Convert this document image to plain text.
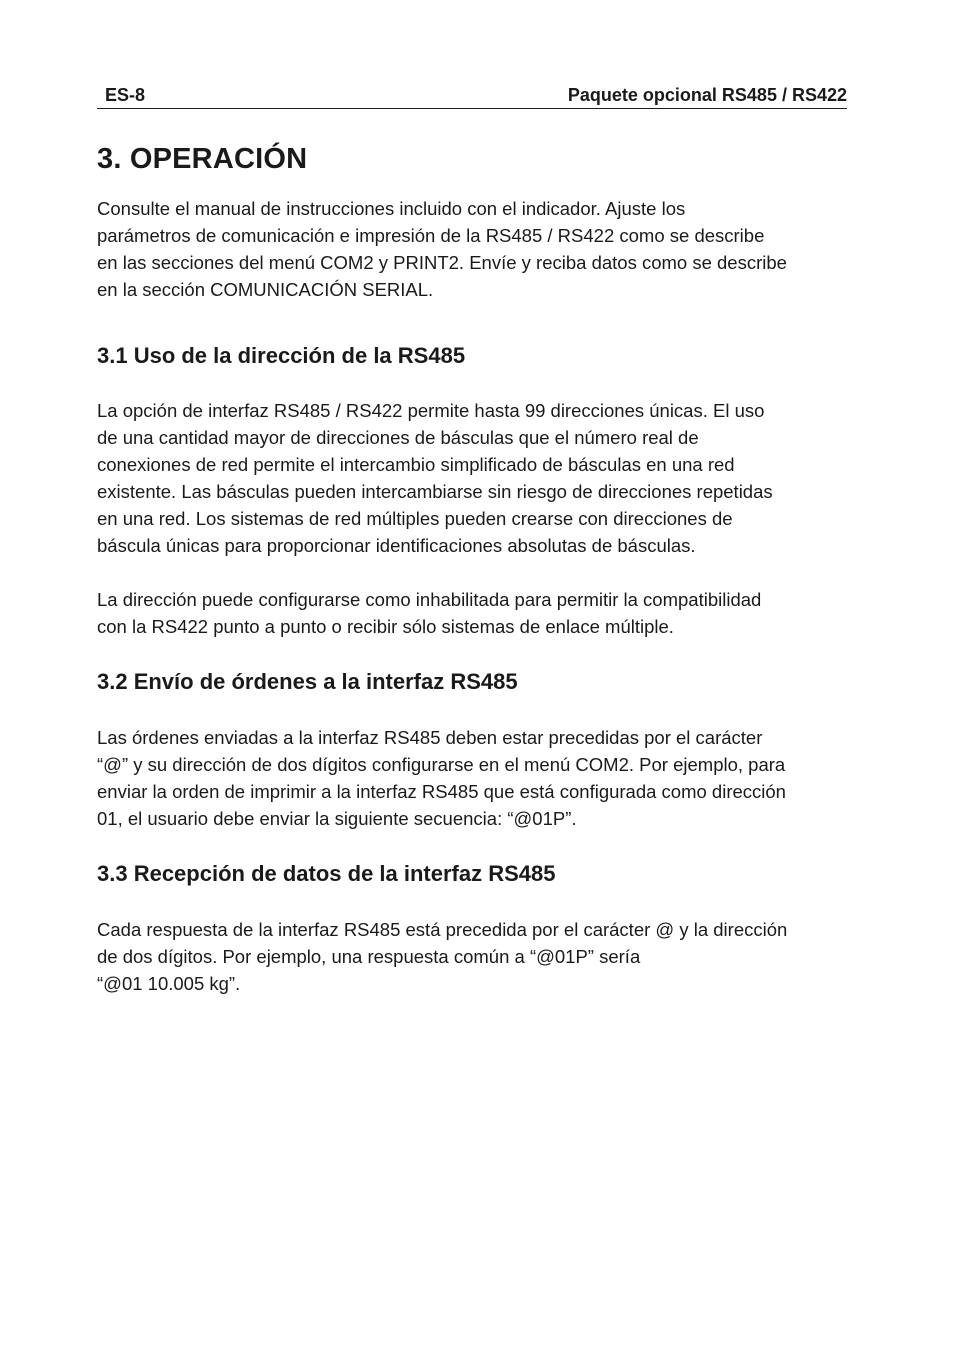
ES-8	Paquete opcional RS485 / RS422
3. OPERACIÓN

Consulte el manual de instrucciones incluido con el indicador. Ajuste los
parámetros de comunicación e impresión de la RS485 / RS422 como se describe
en las secciones del menú COM2 y PRINT2. Envíe y reciba datos como se describe
en la sección COMUNICACIÓN SERIAL.

3.1 Uso de la dirección de la RS485

La opción de interfaz RS485 / RS422 permite hasta 99 direcciones únicas. El uso
de una cantidad mayor de direcciones de básculas que el número real de
conexiones de red permite el intercambio simplificado de básculas en una red
existente. Las básculas pueden intercambiarse sin riesgo de direcciones repetidas
en una red. Los sistemas de red múltiples pueden crearse con direcciones de
báscula únicas para proporcionar identificaciones absolutas de básculas.

La dirección puede configurarse como inhabilitada para permitir la compatibilidad
con la RS422 punto a punto o recibir sólo sistemas de enlace múltiple.

3.2 Envío de órdenes a la interfaz RS485

Las órdenes enviadas a la interfaz RS485 deben estar precedidas por el carácter
“@” y su dirección de dos dígitos configurarse en el menú COM2. Por ejemplo, para
enviar la orden de imprimir a la interfaz RS485 que está configurada como dirección
01, el usuario debe enviar la siguiente secuencia: “@01P”.

3.3 Recepción de datos de la interfaz RS485

Cada respuesta de la interfaz RS485 está precedida por el carácter @ y la dirección
de dos dígitos. Por ejemplo, una respuesta común a “@01P” sería
“@01 10.005 kg”.
